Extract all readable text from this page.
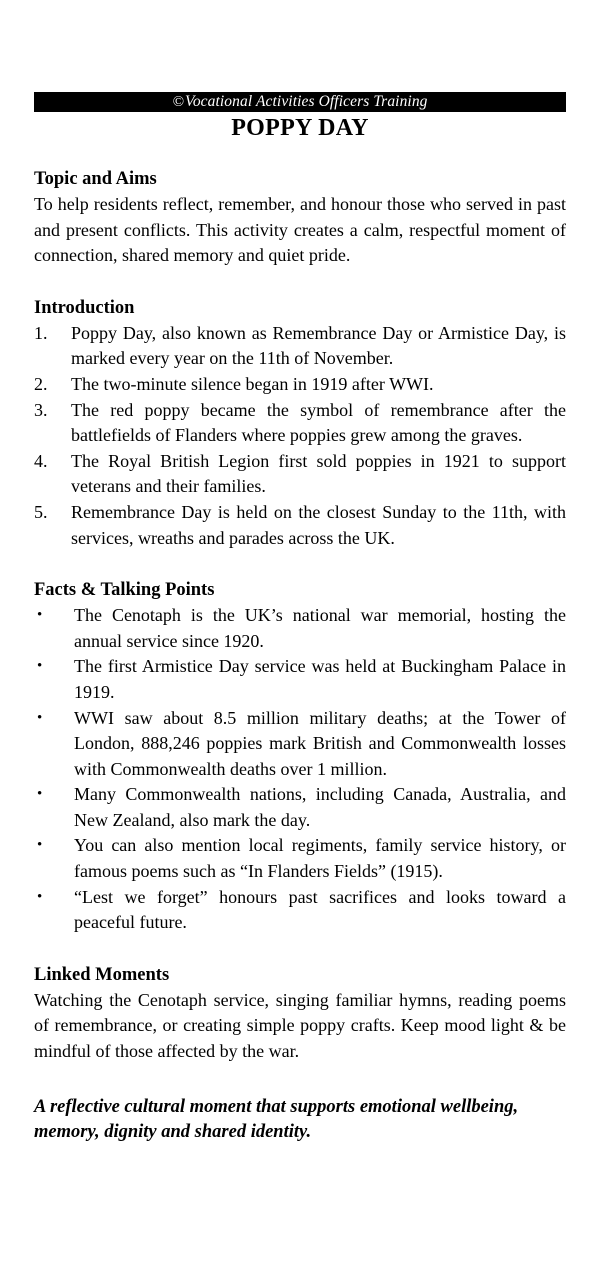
©Vocational Activities Officers Training
POPPY DAY
Topic and Aims
To help residents reflect, remember, and honour those who served in past and present conflicts. This activity creates a calm, respectful moment of connection, shared memory and quiet pride.
Introduction
1.	Poppy Day, also known as Remembrance Day or Armistice Day, is marked every year on the 11th of November.
2.	The two-minute silence began in 1919 after WWI.
3.	The red poppy became the symbol of remembrance after the battlefields of Flanders where poppies grew among the graves.
4.	The Royal British Legion first sold poppies in 1921 to support veterans and their families.
5.	Remembrance Day is held on the closest Sunday to the 11th, with services, wreaths and parades across the UK.
Facts & Talking Points
•	The Cenotaph is the UK’s national war memorial, hosting the annual service since 1920.
•	The first Armistice Day service was held at Buckingham Palace in 1919.
•	WWI saw about 8.5 million military deaths; at the Tower of London, 888,246 poppies mark British and Commonwealth losses with Commonwealth deaths over 1 million.
•	Many Commonwealth nations, including Canada, Australia, and New Zealand, also mark the day.
•	You can also mention local regiments, family service history, or famous poems such as “In Flanders Fields” (1915).
•	“Lest we forget” honours past sacrifices and looks toward a peaceful future.
Linked Moments
Watching the Cenotaph service, singing familiar hymns, reading poems of remembrance, or creating simple poppy crafts. Keep mood light & be mindful of those affected by the war.
A reflective cultural moment that supports emotional wellbeing, memory, dignity and shared identity.
